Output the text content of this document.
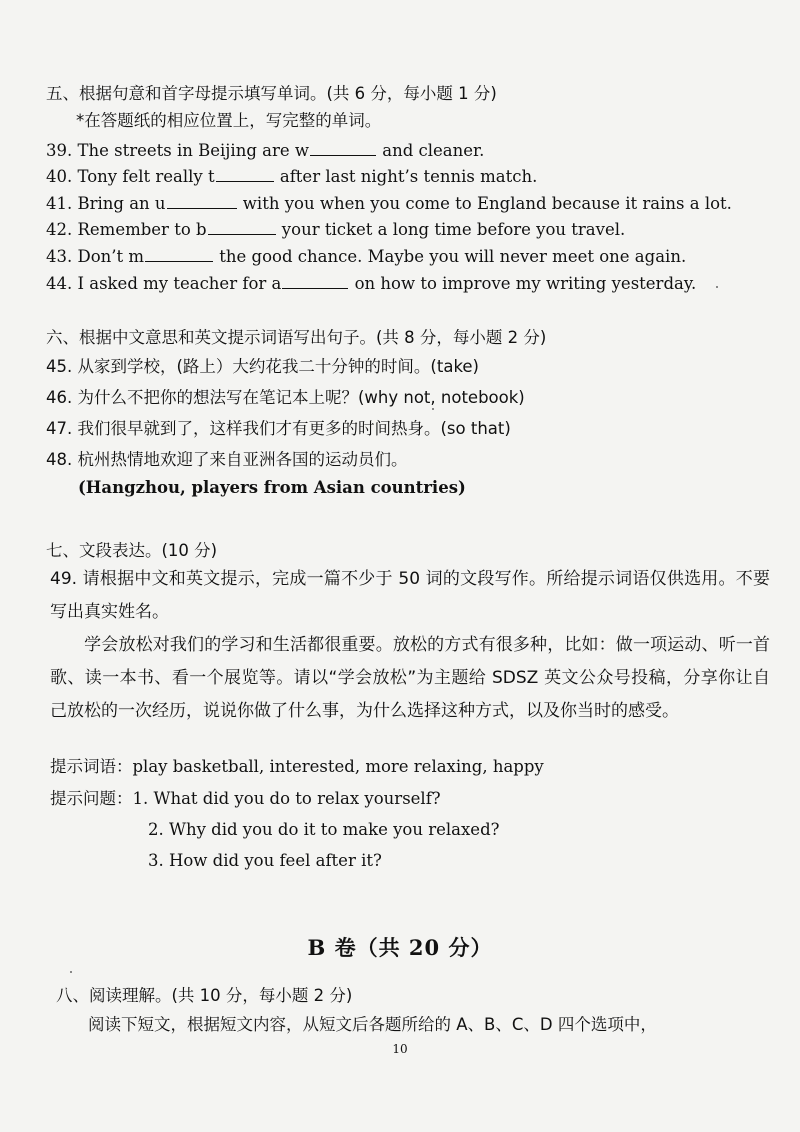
五、根据句意和首字母提示填写单词。(共 6 分，每小题 1 分)
*在答题纸的相应位置上，写完整的单词。
39. The streets in Beijing are w	and cleaner.
40. Tony felt really t	after last night’s tennis match.
41. Bring an u	with you when you come to England because it rains a lot.
42. Remember to b	your ticket a long time before you travel.
43. Don’t m	the good chance. Maybe you will never meet one again.
44. I asked my teacher for a	on how to improve my writing yesterday.
六、根据中文意思和英文提示词语写出句子。(共 8 分，每小题 2 分)
45. 从家到学校，(路上）大约花我二十分钟的时间。(take)
46. 为什么不把你的想法写在笔记本上呢？(why not, notebook)
47. 我们很早就到了，这样我们才有更多的时间热身。(so that)
48. 杭州热情地欢迎了来自亚洲各国的运动员们。
(Hangzhou, players from Asian countries)
七、文段表达。(10 分)
49. 请根据中文和英文提示，完成一篇不少于 50 词的文段写作。所给提示词语仅供选用。不要写出真实姓名。
学会放松对我们的学习和生活都很重要。放松的方式有很多种，比如：做一项运动、听一首歌、读一本书、看一个展览等。请以“学会放松”为主题给 SDSZ 英文公众号投稿，分享你让自己放松的一次经历，说说你做了什么事，为什么选择这种方式，以及你当时的感受。
提示词语：play basketball, interested, more relaxing, happy
提示问题：1. What did you do to relax yourself?
2. Why did you do it to make you relaxed?
3. How did you feel after it?
B 卷（共 20 分）
八、阅读理解。(共 10 分，每小题 2 分)
阅读下短文，根据短文内容，从短文后各题所给的 A、B、C、D 四个选项中，
10
